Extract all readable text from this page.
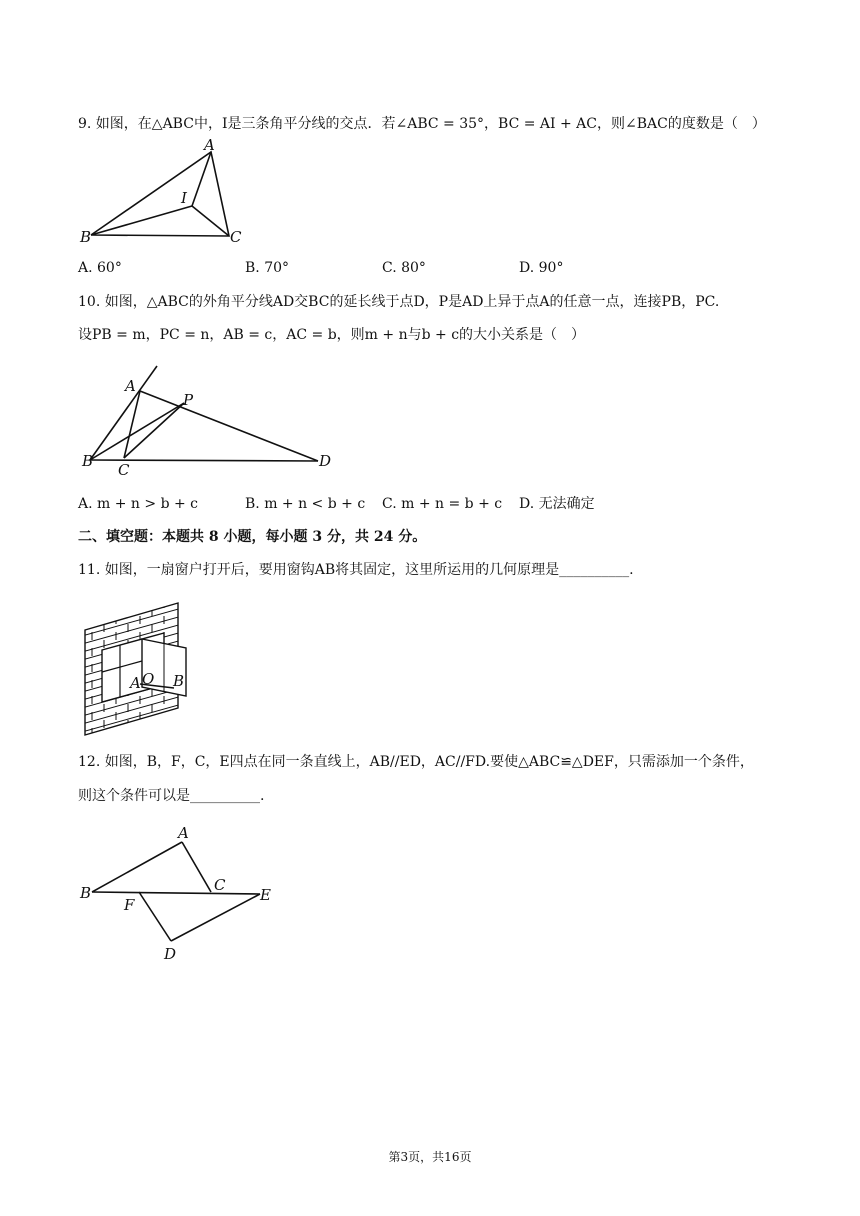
9. 如图，在△ABC中，I是三条角平分线的交点．若∠ABC = 35°，BC = AI + AC，则∠BAC的度数是（　）
A
B	C
I
A. 60°	B. 70°	C. 80°	D. 90°
10. 如图，△ABC的外角平分线AD交BC的延长线于点D，P是AD上异于点A的任意一点，连接PB，PC.
设PB = m，PC = n，AB = c，AC = b，则m + n与b + c的大小关系是（　）
A
B C	D
P
A. m + n > b + c	B. m + n < b + c C. m + n = b + c D. 无法确定
二、填空题：本题共 8 小题，每小题 3 分，共 24 分。
11. 如图，一扇窗户打开后，要用窗钩AB将其固定，这里所运用的几何原理是__________.
A O B
12. 如图，B，F，C，E四点在同一条直线上，AB//ED，AC//FD.要使△ABC≌△DEF，只需添加一个条件，
则这个条件可以是__________.
A
B	C
D
E
F
第3页，共16页
